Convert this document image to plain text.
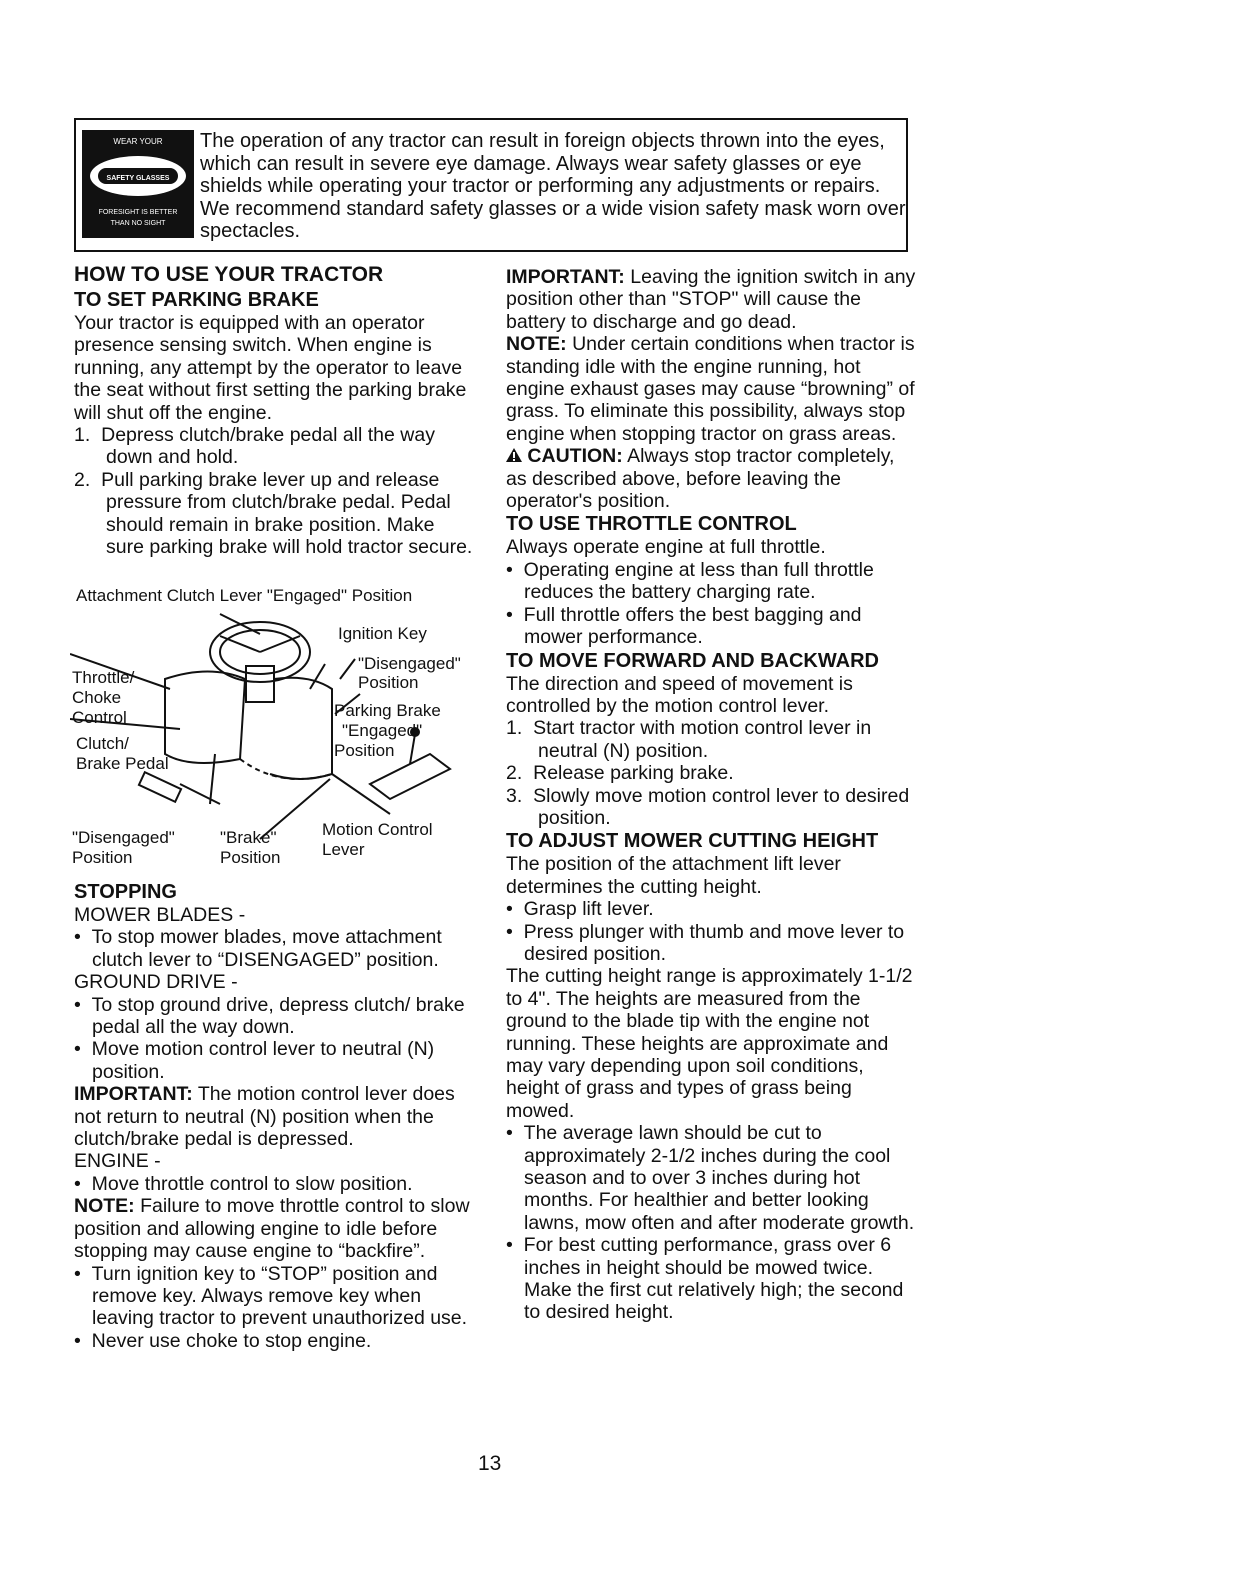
WEAR YOUR
SAFETY GLASSES
FORESIGHT IS BETTER
THAN NO SIGHT
The operation of any tractor can result in foreign objects thrown into the eyes, which can result in severe eye damage. Always wear safety glasses or eye shields while operating your tractor or performing any adjustments or repairs. We recommend standard safety glasses or a wide vision safety mask worn over spectacles.

HOW TO USE YOUR TRACTOR

TO SET PARKING BRAKE

Your tractor is equipped with an operator presence sensing switch. When engine is running, any attempt by the operator to leave the seat without first setting the parking brake will shut off the engine.

1. Depress clutch/brake pedal all the way down and hold.

2. Pull parking brake lever up and release pressure from clutch/brake pedal. Pedal should remain in brake position. Make sure parking brake will hold tractor secure.

Attachment Clutch Lever "Engaged" Position
Ignition Key
"Disengaged"
Position
Throttle/
Choke
Control	Parking Brake
"Engaged"
Position
Clutch/
Brake Pedal
"Disengaged"
Position
"Brake"
Position
Motion Control
Lever

STOPPING

MOWER BLADES -

•  To stop mower blades, move attachment clutch lever to “DISENGAGED” position.

GROUND DRIVE -

•  To stop ground drive, depress clutch/ brake pedal all the way down.

•  Move motion control lever to neutral (N) position.

IMPORTANT: The motion control lever does not return to neutral (N) position when the clutch/brake pedal is depressed.

ENGINE -

•  Move throttle control to slow position.

NOTE: Failure to move throttle control to slow position and allowing engine to idle before stopping may cause engine to “backfire”.

•  Turn ignition key to “STOP” position and remove key. Always remove key when leaving tractor to prevent unauthorized use.

•  Never use choke to stop engine.

IMPORTANT: Leaving the ignition switch in any position other than "STOP" will cause the battery to discharge and go dead.

NOTE: Under certain conditions when tractor is standing idle with the engine running, hot engine exhaust gases may cause “browning” of grass. To eliminate this possibility, always stop engine when stopping tractor on grass areas.

CAUTION: Always stop tractor completely, as described above, before leaving the operator's position.

TO USE THROTTLE CONTROL

Always operate engine at full throttle.

•  Operating engine at less than full throttle reduces the battery charging rate.

•  Full throttle offers the best bagging and mower performance.

TO MOVE FORWARD AND BACKWARD

The direction and speed of movement is controlled by the motion control lever.

1. Start tractor with motion control lever in neutral (N) position.

2. Release parking brake.

3. Slowly move motion control lever to desired position.

TO ADJUST MOWER CUTTING HEIGHT

The position of the attachment lift lever determines the cutting height.

•  Grasp lift lever.

•  Press plunger with thumb and move lever to desired position.

The cutting height range is approximately 1-1/2 to 4". The heights are measured from the ground to the blade tip with the engine not running. These heights are approximate and may vary depending upon soil conditions, height of grass and types of grass being mowed.

•  The average lawn should be cut to approximately 2-1/2 inches during the cool season and to over 3 inches during hot months. For healthier and better looking lawns, mow often and after moderate growth.

•  For best cutting performance, grass over 6 inches in height should be mowed twice. Make the first cut relatively high; the second to desired height.

13
